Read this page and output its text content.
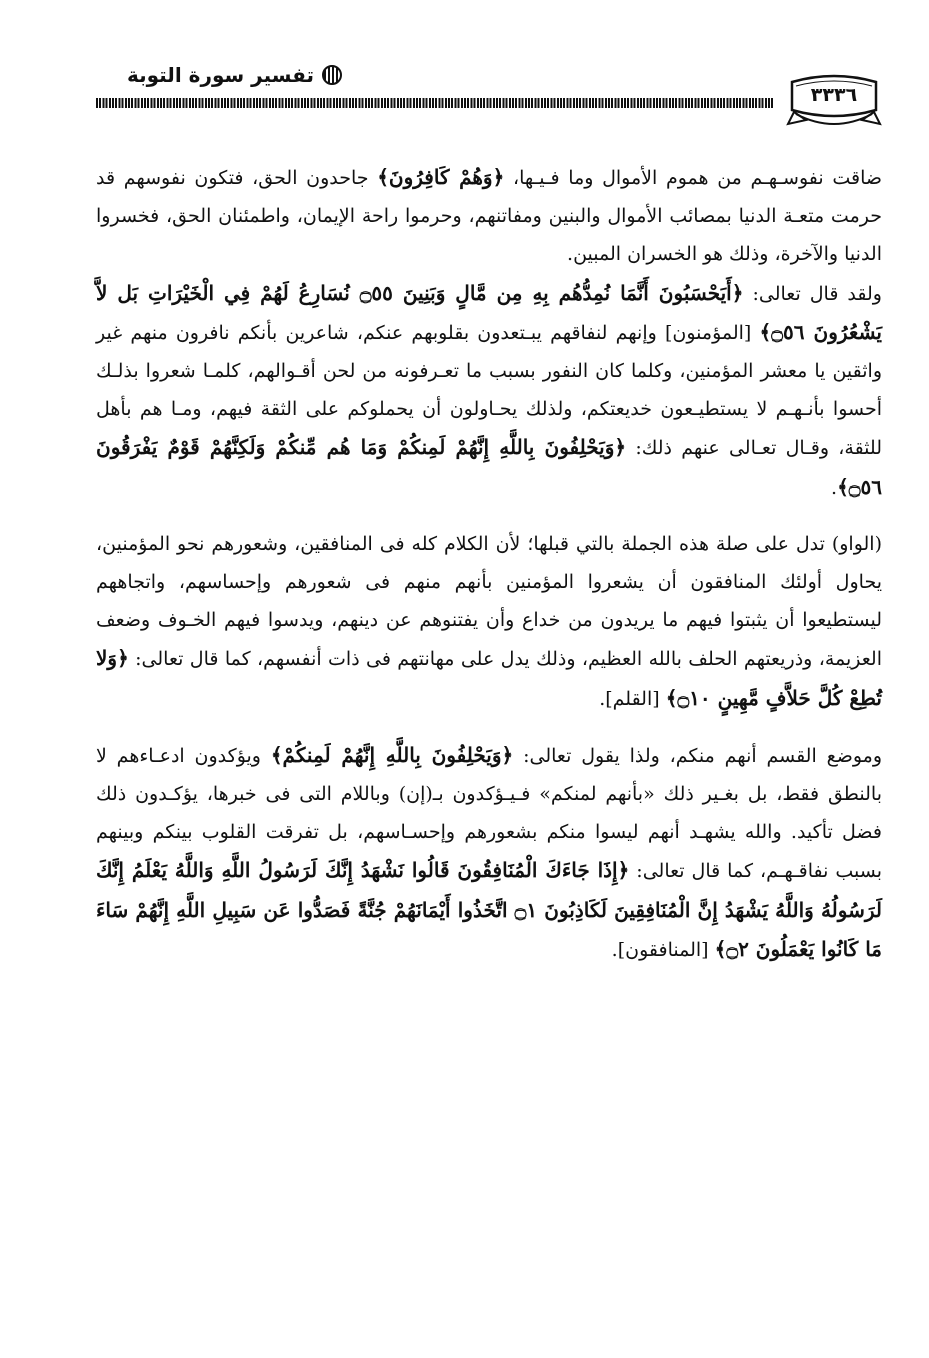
تفسير سورة التوبة
٣٣٣٦

ضاقت نفوسـهـم من هموم الأموال وما فـيـها، ﴿وَهُمْ كَافِرُونَ﴾ جاحدون الحق، فتكون نفوسهم قد حرمت متعـة الدنيا بمصائب الأموال والبنين ومفاتنهم، وحرموا راحة الإيمان، واطمئنان الحق، فخسروا الدنيا والآخرة، وذلك هو الخسران المبين.

ولقد قال تعالى: ﴿أَيَحْسَبُونَ أَنَّمَا نُمِدُّهُم بِهِ مِن مَّالٍ وَبَنِينَ ۝٥٥ نُسَارِعُ لَهُمْ فِي الْخَيْرَاتِ بَل لاَّ يَشْعُرُونَ ۝٥٦﴾ [المؤمنون] وإنهم لنفاقهم يبـتعدون بقلوبهم عنكم، شاعرين بأنكم نافرون منهم غير واثقين يا معشر المؤمنين، وكلما كان النفور بسبب ما تعـرفونه من لحن أقـوالهم، كلمـا شعروا بذلـك أحسوا بأنـهـم لا يستطيـعون خديعتكم، ولذلك يحـاولون أن يحملوكم على الثقة فيهم، ومـا هم بأهل للثقة، وقـال تعـالى عنهم ذلك: ﴿وَيَحْلِفُونَ بِاللَّهِ إِنَّهُمْ لَمِنكُمْ وَمَا هُم مِّنكُمْ وَلَكِنَّهُمْ قَوْمٌ يَفْرَقُونَ ۝٥٦﴾.

(الواو) تدل على صلة هذه الجملة بالتي قبلها؛ لأن الكلام كله فى المنافقين، وشعورهم نحو المؤمنين، يحاول أولئك المنافقون أن يشعروا المؤمنين بأنهم منهم فى شعورهم وإحساسهم، واتجاههم ليستطيعوا أن يثبتوا فيهم ما يريدون من خداع وأن يفتنوهم عن دينهم، ويدسوا فيهم الخـوف وضعف العزيمة، وذريعتهم الحلف بالله العظيم، وذلك يدل على مهانتهم فى ذات أنفسهم، كما قال تعالى: ﴿وَلا تُطِعْ كُلَّ حَلاَّفٍ مَّهِينٍ ۝١٠﴾ [القلم].

وموضع القسم أنهم منكم، ولذا يقول تعالى: ﴿وَيَحْلِفُونَ بِاللَّهِ إِنَّهُمْ لَمِنكُمْ﴾ ويؤكدون ادعـاءهم لا بالنطق فقط، بل بغـير ذلك «بأنهم لمنكم» فـيـؤكدون بـ(إن) وباللام التى فى خبرها، يؤكـدون ذلك فضل تأكيد. والله يشهـد أنهم ليسوا منكم بشعورهم وإحسـاسهم، بل تفرقت القلوب بينكم وبينهم بسبب نفاقـهـم، كما قال تعالى: ﴿إِذَا جَاءَكَ الْمُنَافِقُونَ قَالُوا نَشْهَدُ إِنَّكَ لَرَسُولُ اللَّهِ وَاللَّهُ يَعْلَمُ إِنَّكَ لَرَسُولُهُ وَاللَّهُ يَشْهَدُ إِنَّ الْمُنَافِقِينَ لَكَاذِبُونَ ۝١ اتَّخَذُوا أَيْمَانَهُمْ جُنَّةً فَصَدُّوا عَن سَبِيلِ اللَّهِ إِنَّهُمْ سَاءَ مَا كَانُوا يَعْمَلُونَ ۝٢﴾ [المنافقون].
